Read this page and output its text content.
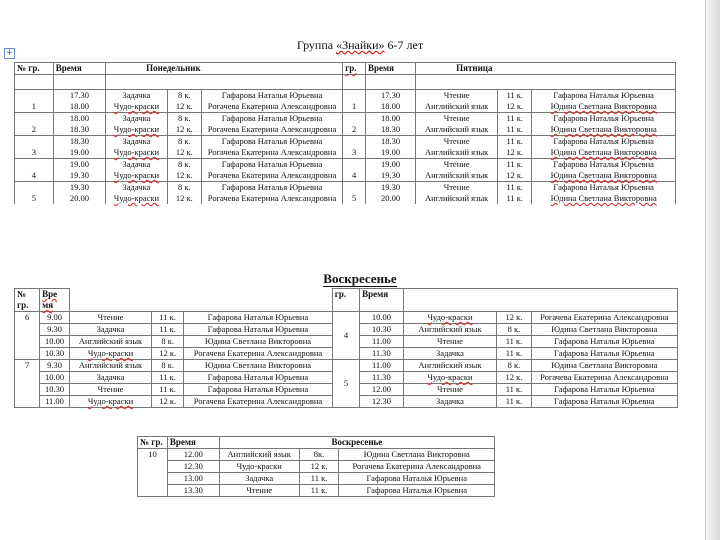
+
Группа «Знайки» 6-7 лет
№ гр.	Время	Понедельник			гр.	Время	Пятница		

	17.30	Задачка	8 к.	Гафарова Наталья Юрьевна		17.30	Чтение	11 к.	Гафарова Наталья Юрьевна
1	18.00	Чудо-краски	12 к.	Рогачева Екатерина Александровна	1	18.00	Английский язык	12 к.	Юдина Светлана Викторовна
	18.00	Задачка	8 к.	Гафарова Наталья Юрьевна		18.00	Чтение	11 к.	Гафарова Наталья Юрьевна
2	18.30	Чудо-краски	12 к.	Рогачева Екатерина Александровна	2	18.30	Английский язык	11 к.	Юдина Светлана Викторовна
	18.30	Задачка	8 к.	Гафарова Наталья Юрьевна		18.30	Чтение	11 к.	Гафарова Наталья Юрьевна
3	19.00	Чудо-краски	12 к.	Рогачева Екатерина Александровна	3	19.00	Английский язык	12 к.	Юдина Светлана Викторовна
	19.00	Задачка	8 к.	Гафарова Наталья Юрьевна		19.00	Чтение	11 к.	Гафарова Наталья Юрьевна
4	19.30	Чудо-краски	12 к.	Рогачева Екатерина Александровна	4	19.30	Английский язык	12 к.	Юдина Светлана Викторовна
	19.30	Задачка	8 к.	Гафарова Наталья Юрьевна		19.30	Чтение	11 к.	Гафарова Наталья Юрьевна
5	20.00	Чудо-краски	12 к.	Рогачева Екатерина Александровна	5	20.00	Английский язык	11 к.	Юдина Светлана Викторовна
Воскресенье
№ гр.	Вре мя				гр.	Время			
6	9.00	Чтение	11 к.	Гафарова Наталья Юрьевна	4	10.00	Чудо-краски	12 к.	Рогачева Екатерина Александровна
	9.30	Задачка	11 к.	Гафарова Наталья Юрьевна		10.30	Английский язык	8 к.	Юдина Светлана Викторовна
	10.00	Английский язык	8 к.	Юдина Светлана Викторовна		11.00	Чтение	11 к.	Гафарова Наталья Юрьевна
	10.30	Чудо-краски	12 к.	Рогачева Екатерина Александровна		11.30	Задачка	11 к.	Гафарова Наталья Юрьевна
7	9.30	Английский язык	8 к.	Юдина Светлана Викторовна	5	11.00	Английский язык	8 к.	Юдина Светлана Викторовна
	10.00	Задачка	11 к.	Гафарова Наталья Юрьевна		11.30	Чудо-краски	12 к.	Рогачева Екатерина Александровна
	10.30	Чтение	11 к.	Гафарова Наталья Юрьевна		12.00	Чтение	11 к.	Гафарова Наталья Юрьевна
	11.00	Чудо-краски	12 к.	Рогачева Екатерина Александровна		12.30	Задачка	11 к.	Гафарова Наталья Юрьевна
№ гр.	Время	Воскресенье		
10	12.00	Английский язык	8к.	Юдина Светлана Викторовна
	12.30	Чудо-краски	12 к.	Рогачева Екатерина Александровна
	13.00	Задачка	11 к.	Гафарова Наталья Юрьевна
	13.30	Чтение	11 к.	Гафарова Наталья Юрьевна
